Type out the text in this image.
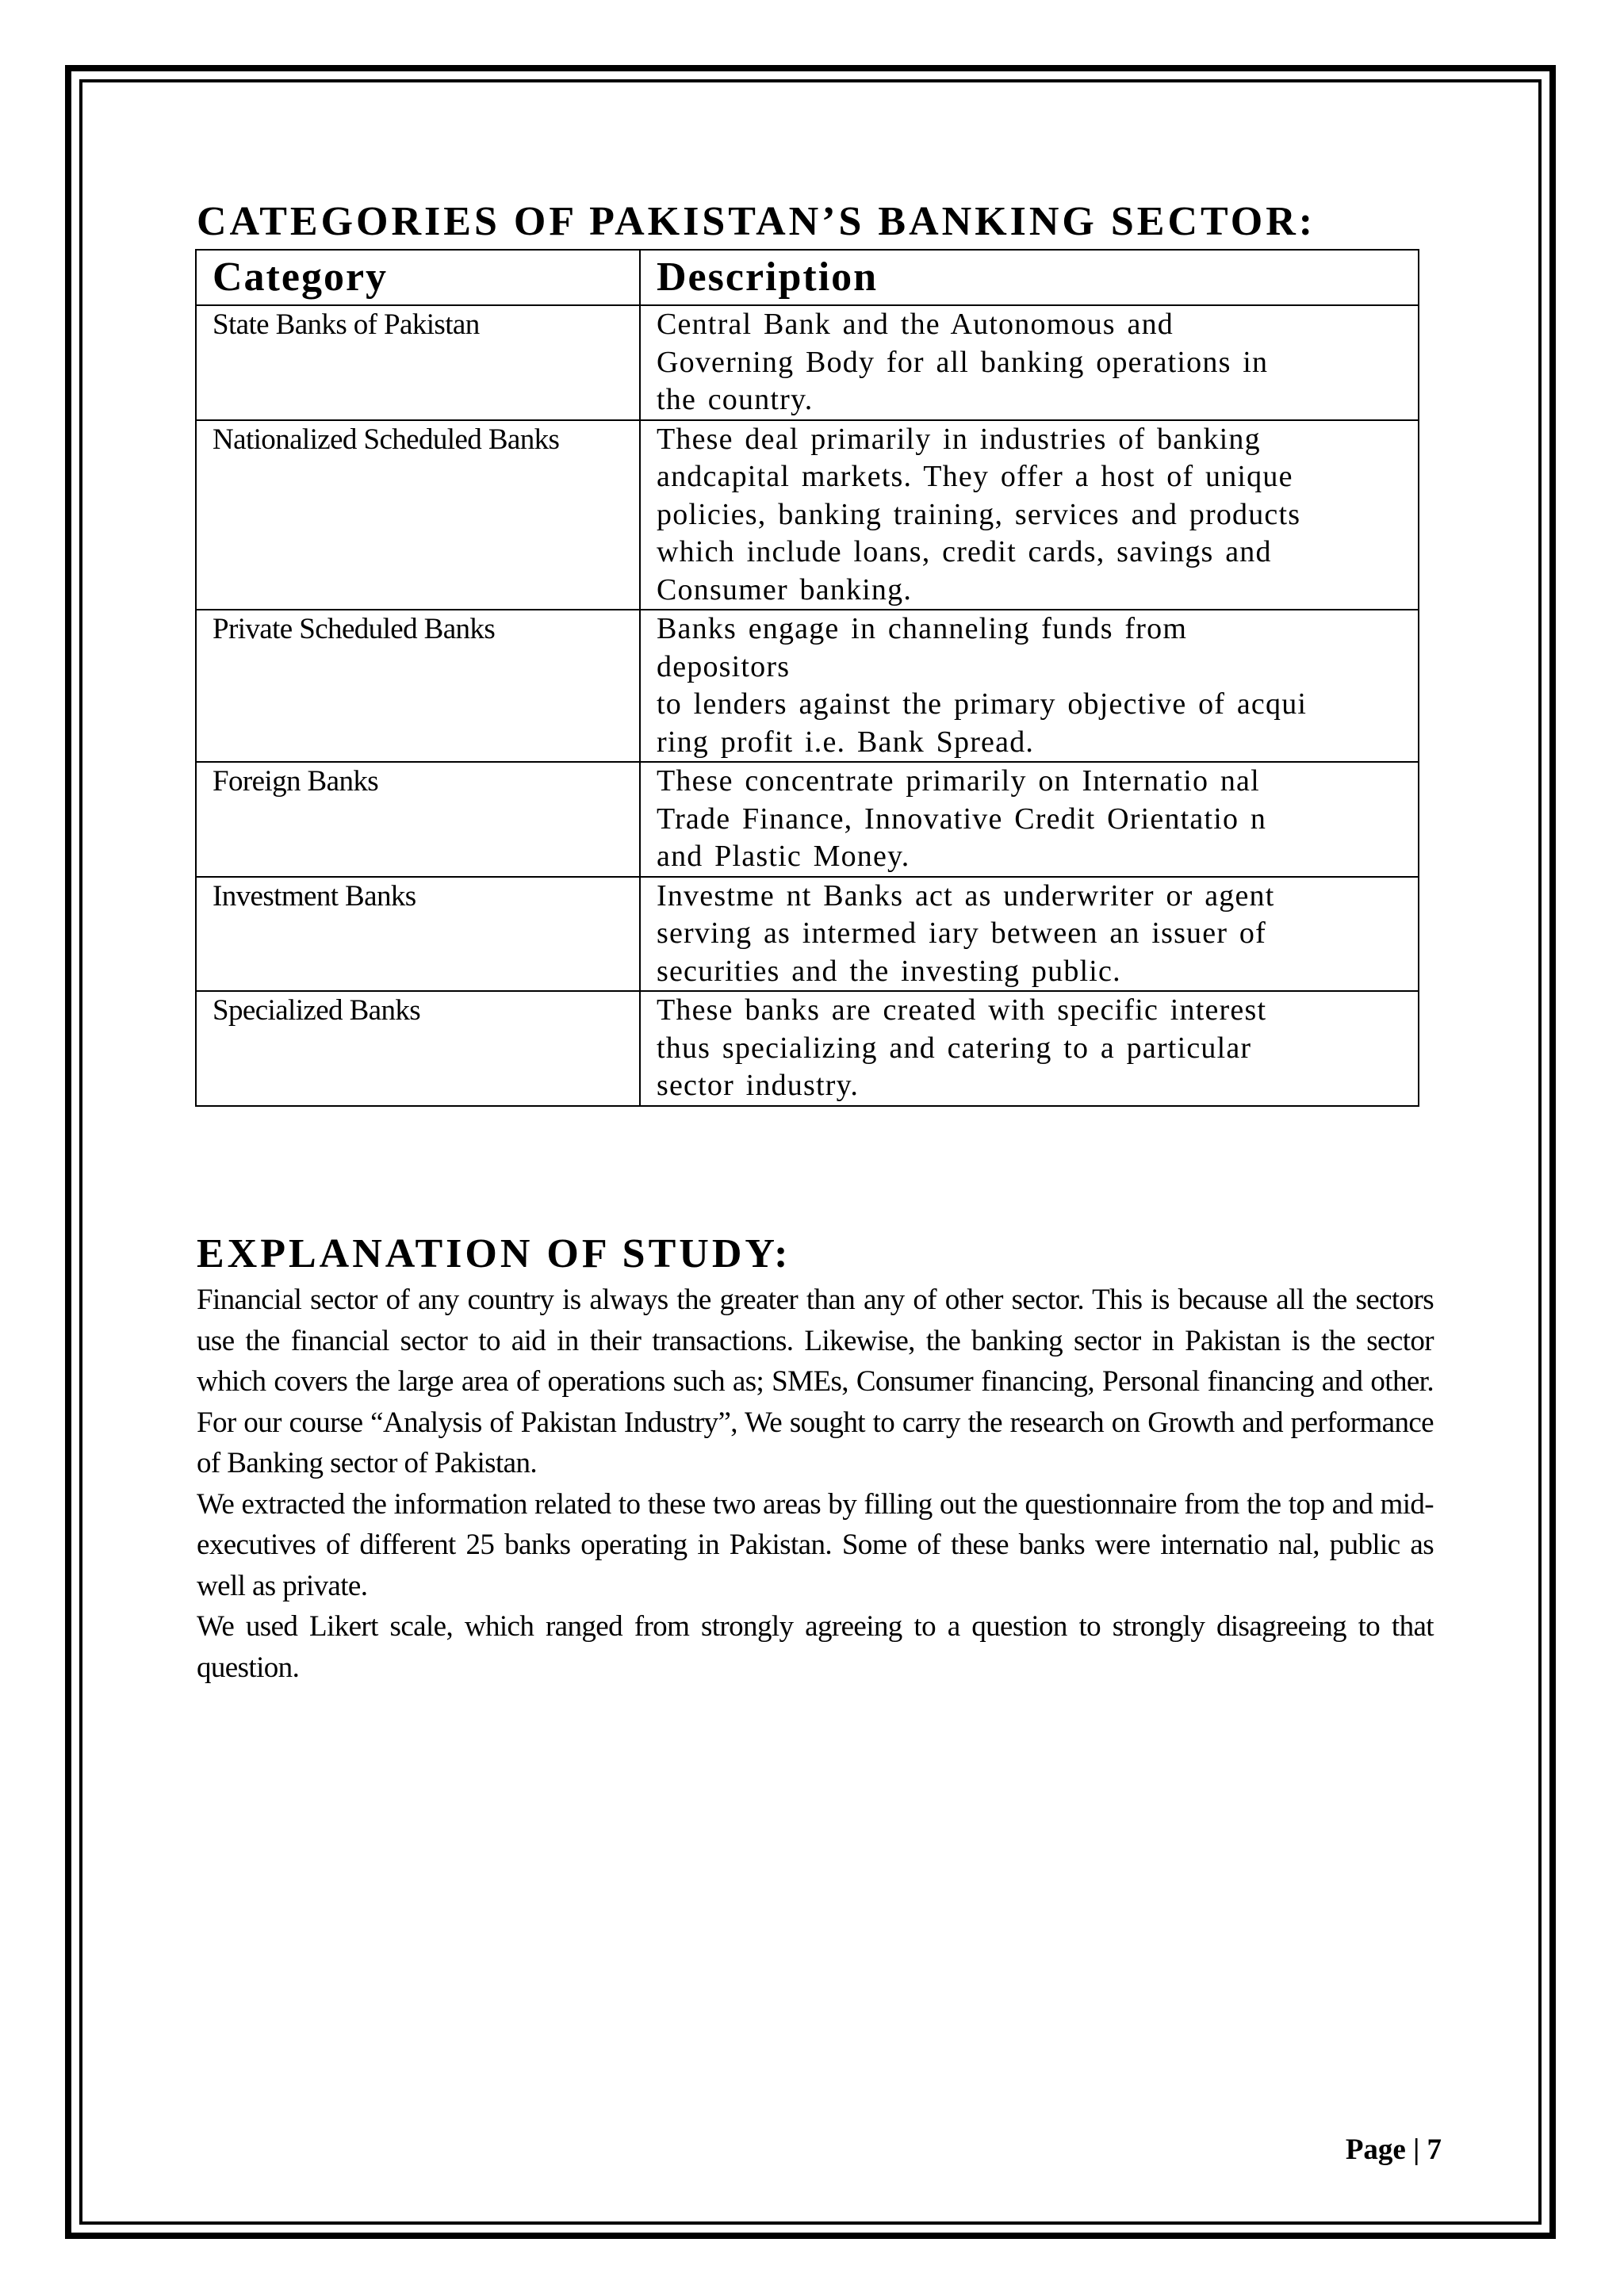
CATEGORIES OF PAKISTAN’S BANKING SECTOR:
Category	Description
State Banks of Pakistan	Central Bank and the Autonomous and
Governing Body for all banking operations in
the country.

Nationalized Scheduled Banks	These deal primarily in industries of banking
andcapital markets. They offer a host of unique
policies, banking training, services and products
which include loans, credit cards, savings and
Consumer banking.

Private Scheduled Banks	Banks engage in channeling funds from
depositors
to lenders against the primary objective of acqui
ring profit i.e. Bank Spread.

Foreign Banks	These concentrate primarily on Internatio nal
Trade Finance, Innovative Credit Orientatio n
and Plastic Money.

Investment Banks	Investme nt Banks act as underwriter or agent
serving as intermed iary between an issuer of
securities and the investing public.

Specialized Banks	These banks are created with specific interest
thus specializing and catering to a particular
sector industry.
EXPLANATION OF STUDY:

Financial sector of any country is always the greater than any of other sector. This is because all the sectors use the financial sector to aid in their transactions. Likewise, the banking sector in Pakistan is the sector which covers the large area of operations such as; SMEs, Consumer financing, Personal financing and other. For our course “Analysis of Pakistan Industry”, We sought to carry the research on Growth and performance of Banking sector of Pakistan.

We extracted the information related to these two areas by filling out the questionnaire from the top and mid-executives of different 25 banks operating in Pakistan. Some of these banks were internatio nal, public as well as private.

We used Likert scale, which ranged from strongly agreeing to a question to strongly disagreeing to that question.

Page | 7
